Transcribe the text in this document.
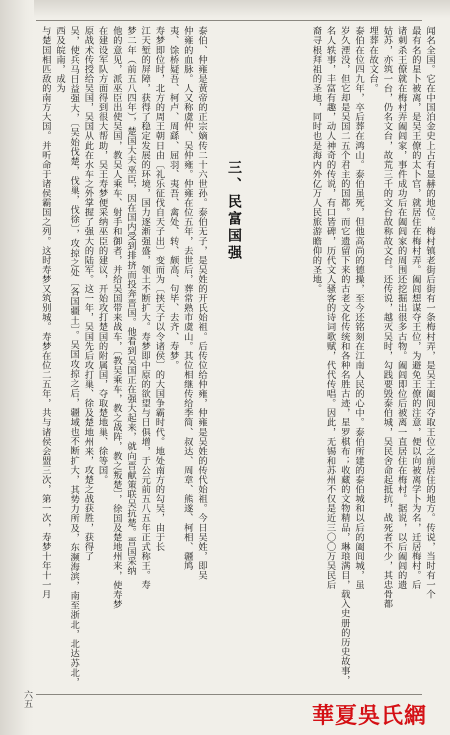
闻名全国。它在中国泊金史上占有显赫的地位。梅村镇老街后街有一条梅村弄，是吴王阖闾夺取王位之前居住的地方。传说，当时有一个

最有名的星卜被离，是吴王僚的太卜官，就居住在梅村弄。阖闾想谋夺王位，为避免王僚的注意，便以向被离学卜为名，迁居梅村。后

诸刺杀王僚就在梅村弄阖闾家，事件成功后在阖闾家的周围还挖掘出很多古物。阖闾即位后被离一直居住在梅村。据说，以后阖闾的遗

姑苏，亦筑一台，仍名文台，故荒三千的文台故称故文台。还传说，越灭吴时，勾践要毁泰伯城，吴民舍命起抵抗，战死者不少，其忠骨都

埋葬在故文台。

泰伯在位四九年，卒后葬在鸿山。泰伯虽死，但他高尚的德操，至今还铭刻在江南人民的心中。泰伯所建的泰伯城和以后的阖闾城，虽

岁久湮没，但它却是吴国二五个君主的国都。而它遗留下来的古老文化传统和各种名胜古迹，星罗棋布；收藏的文物精品，琳琅满目，载入史册的历史故事，

名人轶事，丰富有趣，动人神奇的传说，有口皆碑，历代文人骚客的诗词歌赋，代代传唱。因此，无锡和苏州不仅是近三〇〇万吴民后

裔寻根拜祖的圣地，同时也是海内外亿万人民旅游瞻仰的圣地。

三、民富国强

泰伯、仲雍是黄帝的正宗嫡传二十六世孙。泰伯无子，是吴姓的开氏始祖。后传位给仲雍，仲雍是吴姓的传代始祖。今日吴姓，即吴

仲雍的血脉。人又称虞仲、吴仲雍。仲雍在位五年，去世后，葬常熟市虞山。其位相继传给季简、叔达、周章、熊遂、柯相、疆鸠

夷、馀桥疑吾、柯卢、周繇、屈羽、夷吾、禽处、转、颇高、句毕、去齐、寿梦。

寿梦即位时，北方的周王朝日由〔礼乐征伐自天子出〕变而为〔挟天子以令诸侯〕的大国争霸时代。地处南方的勾吴，由于长

江天堑的屏障，获得了稳定发展的环境，国力逐渐强盛，领土不断扩大。寿梦即中原的欲望与日俱增，于公元前五八五年正式称王。寿

梦二年（前五八四年），楚国大夫巫臣，因在国内受到排挤而投奔晋国。他看到吴国正在强大起来，就向晋献策联吴抗楚。晋国采纳

他的意见，派巫臣出使吴国，教吴人乘车、射手和御者，并给吴国带来战车，〔教吴乘车，教之战阵，教之叛楚〕，徐国及楚地州来，使寿梦

在建设军队方面得到很大帮助，吴王寿梦便采纳巫臣的建议，开始攻打楚国的附属国，夺取楚地巢、徐等国。

原战术传授给吴国，吴国从此在水车之外掌握了强大的陆军。这一年，吴国先后攻打巢、徐及楚地州来，攻楚之战获胜，获得了

吴，使兵马日益强大，〔吴始伐楚，伐巢，伐徐〕，攻掠之处〔各国疆土〕。吴国攻掠之后，疆域也不断扩大，其势力所及，东濒海滨，南至浙北，北达苏北，西及皖南，成为

与楚国相匹敌的南方大国。并听命于诸侯霸国之列。这时寿梦又筑别城。寿梦在位二五年，共与诸侯会盟三次，第一次，寿梦十年十一月

六五
華夏吳氏網
